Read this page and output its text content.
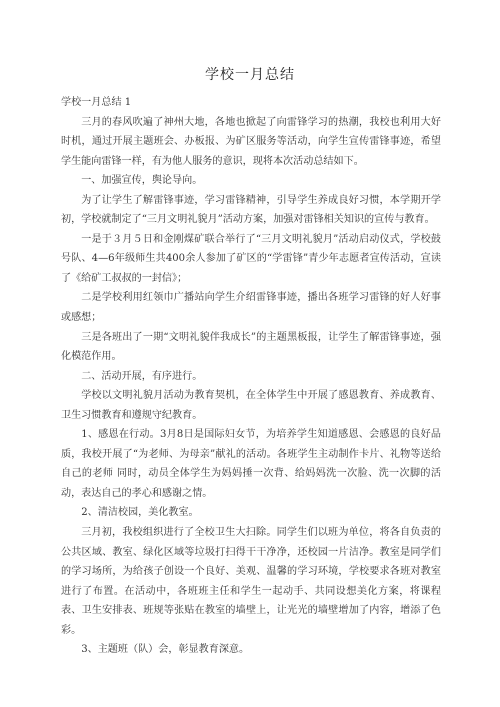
学校一月总结

学校一月总结 1

三月的春风吹遍了神州大地，各地也掀起了向雷锋学习的热潮，我校也利用大好时机，通过开展主题班会、办板报、为矿区服务等活动，向学生宣传雷锋事迹，希望学生能向雷锋一样，有为他人服务的意识，现将本次活动总结如下。

一、加强宣传，舆论导向。

为了让学生了解雷锋事迹，学习雷锋精神，引导学生养成良好习惯，本学期开学初，学校就制定了“三月文明礼貌月”活动方案，加强对雷锋相关知识的宣传与教育。

一是于３月５日和金刚煤矿联合举行了“三月文明礼貌月”活动启动仪式，学校鼓号队、4—6年级师生共400余人参加了矿区的“学雷锋”青少年志愿者宣传活动，宣读了《给矿工叔叔的一封信》；

二是学校利用红领巾广播站向学生介绍雷锋事迹，播出各班学习雷锋的好人好事或感想；

三是各班出了一期“文明礼貌伴我成长”的主题黑板报，让学生了解雷锋事迹，强化模范作用。

二、活动开展，有序进行。

学校以文明礼貌月活动为教育契机，在全体学生中开展了感恩教育、养成教育、卫生习惯教育和遵规守纪教育。

1、感恩在行动。3月8日是国际妇女节，为培养学生知道感恩、会感恩的良好品质，我校开展了“为老师、为母亲”献礼的活动。各班学生主动制作卡片、礼物等送给自己的老师 同时，动员全体学生为妈妈捶一次背、给妈妈洗一次脸、洗一次脚的活动，表达自己的孝心和感谢之情。

2、清洁校园，美化教室。

三月初，我校组织进行了全校卫生大扫除。同学生们以班为单位，将各自负责的公共区域、教室、绿化区域等垃圾打扫得干干净净，还校园一片洁净。教室是同学们的学习场所，为给孩子创设一个良好、美观、温馨的学习环境，学校要求各班对教室进行了布置。在活动中，各班班主任和学生一起动手、共同设想美化方案，将课程表、卫生安排表、班规等张贴在教室的墙壁上，让光光的墙壁增加了内容，增添了色彩。

3、主题班（队）会，彰显教育深意。
